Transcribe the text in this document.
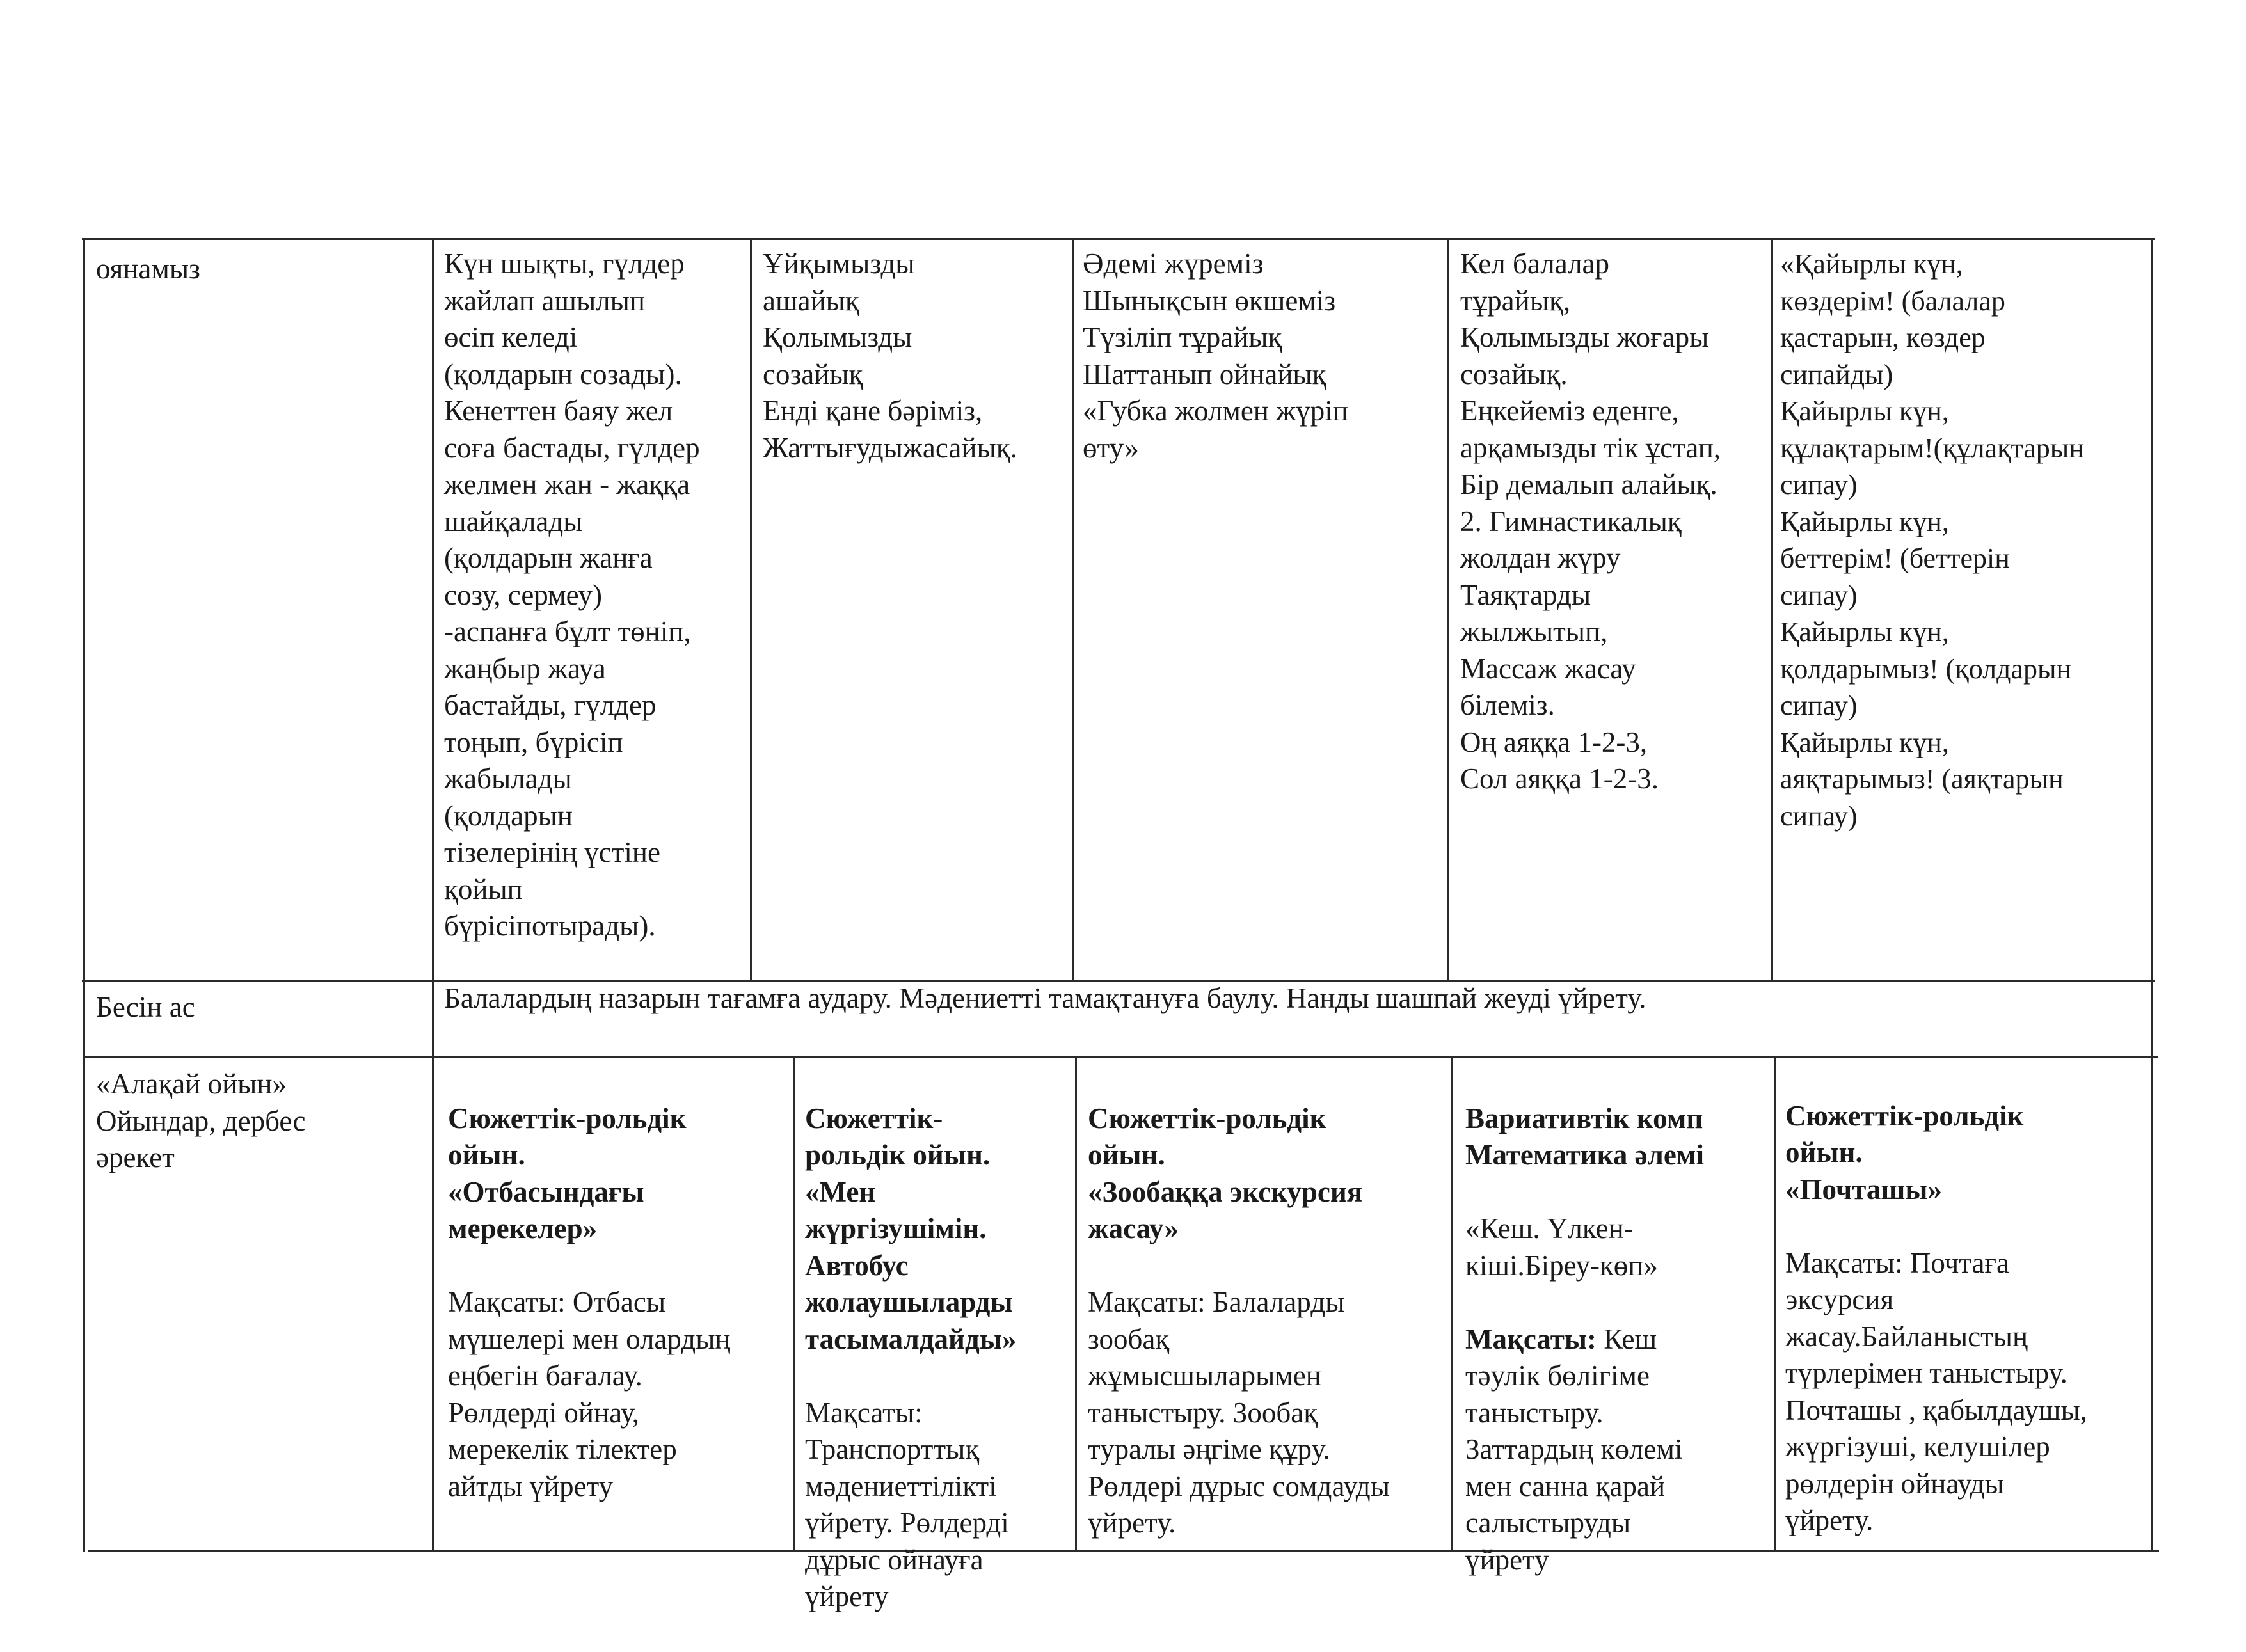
оянамыз	Күн шықты, гүлдер
жайлап ашылып
өсіп келеді
(қолдарын созады).
Кенеттен баяу жел
соға бастады, гүлдер
желмен жан - жаққа
шайқалады
(қолдарын жанға
созу, сермеу)
-аспанға бұлт төніп,
жаңбыр жауа
бастайды, гүлдер
тоңып, бүрісіп
жабылады
(қолдарын
тізелерінің үстіне
қойып
бүрісіпотырады).
Ұйқымызды
ашайық
Қолымызды
созайық
Енді қане бәріміз,
Жаттығудыжасайық.
Әдемі жүреміз
Шынықсын өкшеміз
Түзіліп тұрайық
Шаттанып ойнайық
«Губка жолмен жүріп
өту»
Кел балалар
тұрайық,
Қолымызды жоғары
созайық.
Еңкейеміз еденге,
арқамызды тік ұстап,
Бір демалып алайық.
2. Гимнастикалық
жолдан жүру
Таяқтарды
жылжытып,
Массаж жасау
білеміз.
Оң аяққа 1-2-3,
Сол аяққа 1-2-3.
«Қайырлы күн,
көздерім! (балалар
қастарын, көздер
сипайды)
Қайырлы күн,
құлақтарым!(құлақтарын
сипау)
Қайырлы күн,
беттерім! (беттерін
сипау)
Қайырлы күн,
қолдарымыз! (қолдарын
сипау)
Қайырлы күн,
аяқтарымыз! (аяқтарын
сипау)
Бесін ас	Балалардың назарын тағамға аудару. Мәдениетті тамақтануға баулу. Нанды шашпай жеуді үйрету.
«Алақай ойын»
Ойындар, дербес
әрекет

Сюжеттік-рольдік
ойын.
«Отбасындағы
мерекелер»

Мақсаты: Отбасы
мүшелері мен олардың
еңбегін бағалау.
Рөлдерді ойнау,
мерекелік тілектер
айтды үйрету

Сюжеттік-
рольдік ойын.
«Мен
жүргізушімін.
Автобус
жолаушыларды
тасымалдайды»

Мақсаты:
Транспорттық
мәдениеттілікті
үйрету. Рөлдерді
дұрыс ойнауға
үйрету

Сюжеттік-рольдік
ойын.
«Зообаққа экскурсия
жасау»

Мақсаты: Балаларды
зообақ
жұмысшыларымен
таныстыру. Зообақ
туралы әңгіме құру.
Рөлдері дұрыс сомдауды
үйрету.

Вариативтік комп
Математика әлемі

«Кеш. Үлкен-
кіші.Біреу-көп»

Мақсаты: Кеш
тәулік бөлігіме
таныстыру.
Заттардың көлемі
мен санна қарай
салыстыруды
үйрету

Сюжеттік-рольдік
ойын.
«Почташы»

Мақсаты: Почтаға
эксурсия
жасау.Байланыстың
түрлерімен таныстыру.
Почташы , қабылдаушы,
жүргізуші, келушілер
рөлдерін ойнауды
үйрету.
